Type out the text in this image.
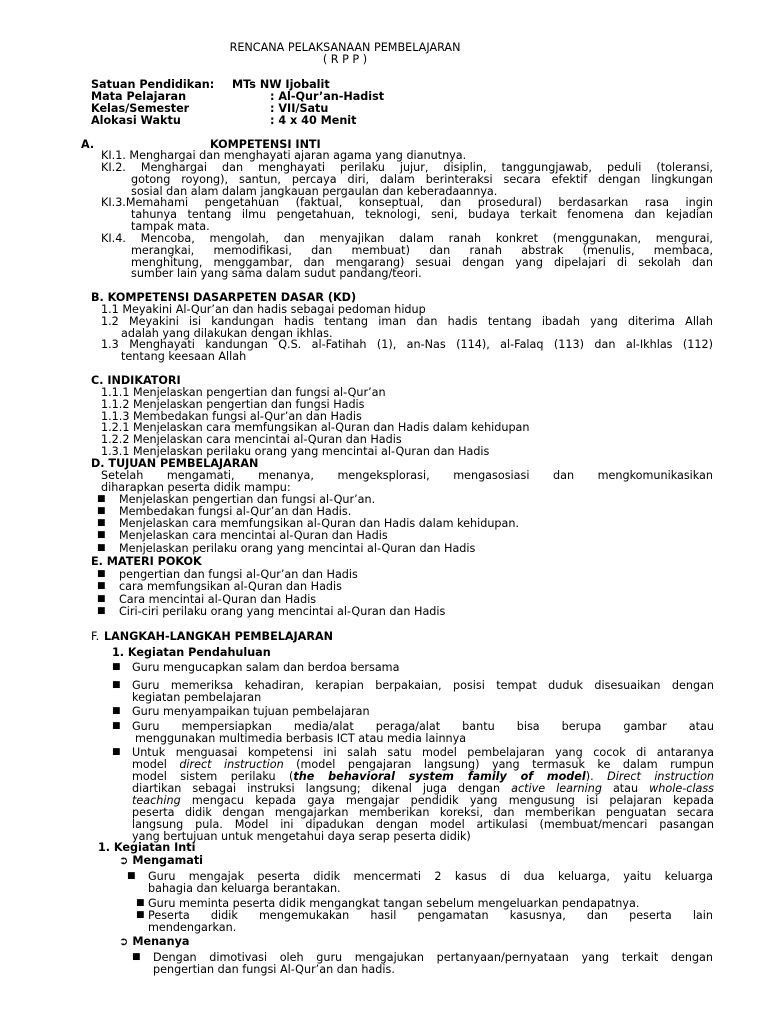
RENCANA PELAKSANAAN PEMBELAJARAN
( R P P )
Satuan Pendidikan: MTs NW Ijobalit
Mata Pelajaran	: Al-Qur’an-Hadist
Kelas/Semester	: VII/Satu
Alokasi Waktu	: 4 x 40 Menit
A.	KOMPETENSI INTI
KI.1. Menghargai dan menghayati ajaran agama yang dianutnya.
KI.2. Menghargai dan menghayati perilaku jujur, disiplin, tanggungjawab, peduli (toleransi,
gotong royong), santun, percaya diri, dalam berinteraksi secara efektif dengan lingkungan
sosial dan alam dalam jangkauan pergaulan dan keberadaannya.
KI.3.Memahami pengetahuan (faktual, konseptual, dan prosedural) berdasarkan rasa ingin
tahunya tentang ilmu pengetahuan, teknologi, seni, budaya terkait fenomena dan kejadian
tampak mata.
KI.4. Mencoba, mengolah, dan menyajikan dalam ranah konkret (menggunakan, mengurai,
merangkai, memodifikasi, dan membuat) dan ranah abstrak (menulis, membaca,
menghitung, menggambar, dan mengarang) sesuai dengan yang dipelajari di sekolah dan
sumber lain yang sama dalam sudut pandang/teori.
B. KOMPETENSI DASARPETEN DASAR (KD)
1.1 Meyakini Al-Qur’an dan hadis sebagai pedoman hidup
1.2 Meyakini isi kandungan hadis tentang iman dan hadis tentang ibadah yang diterima Allah
adalah yang dilakukan dengan ikhlas.
1.3 Menghayati kandungan Q.S. al-Fatihah (1), an-Nas (114), al-Falaq (113) dan al-Ikhlas (112)
tentang keesaan Allah
C. INDIKATORI
1.1.1 Menjelaskan pengertian dan fungsi al-Qur’an
1.1.2 Menjelaskan pengertian dan fungsi Hadis
1.1.3 Membedakan fungsi al-Qur’an dan Hadis
1.2.1 Menjelaskan cara memfungsikan al-Quran dan Hadis dalam kehidupan
1.2.2 Menjelaskan cara mencintai al-Quran dan Hadis
1.3.1 Menjelaskan perilaku orang yang mencintai al-Quran dan Hadis
D. TUJUAN PEMBELAJARAN
Setelah mengamati, menanya, mengeksplorasi, mengasosiasi dan mengkomunikasikan
diharapkan peserta didik mampu:
■ Menjelaskan pengertian dan fungsi al-Qur’an.
■ Membedakan fungsi al-Qur’an dan Hadis.
■ Menjelaskan cara memfungsikan al-Quran dan Hadis dalam kehidupan.
■ Menjelaskan cara mencintai al-Quran dan Hadis
■ Menjelaskan perilaku orang yang mencintai al-Quran dan Hadis
E. MATERI POKOK
■ pengertian dan fungsi al-Qur’an dan Hadis
■ cara memfungsikan al-Quran dan Hadis
■ Cara mencintai al-Quran dan Hadis
■ Ciri-ciri perilaku orang yang mencintai al-Quran dan Hadis
F. LANGKAH-LANGKAH PEMBELAJARAN
1. Kegiatan Pendahuluan
■ Guru mengucapkan salam dan berdoa bersama
■ Guru memeriksa kehadiran, kerapian berpakaian, posisi tempat duduk disesuaikan dengan
kegiatan pembelajaran
■ Guru menyampaikan tujuan pembelajaran
■ Guru mempersiapkan media/alat peraga/alat bantu bisa berupa gambar atau
menggunakan multimedia berbasis ICT atau media lainnya
■ Untuk menguasai kompetensi ini salah satu model pembelajaran yang cocok di antaranya
model direct instruction (model pengajaran langsung) yang termasuk ke dalam rumpun
model sistem perilaku (the behavioral system family of model). Direct instruction
diartikan sebagai instruksi langsung; dikenal juga dengan active learning atau whole-class
teaching mengacu kepada gaya mengajar pendidik yang mengusung isi pelajaran kepada
peserta didik dengan mengajarkan memberikan koreksi, dan memberikan penguatan secara
langsung pula. Model ini dipadukan dengan model artikulasi (membuat/mencari pasangan
yang bertujuan untuk mengetahui daya serap peserta didik)
1. Kegiatan Inti
➲ Mengamati
■ Guru mengajak peserta didik mencermati 2 kasus di dua keluarga, yaitu keluarga
bahagia dan keluarga berantakan.
■ Guru meminta peserta didik mengangkat tangan sebelum mengeluarkan pendapatnya.
■ Peserta didik mengemukakan hasil pengamatan kasusnya, dan peserta lain
mendengarkan.
➲ Menanya
■ Dengan dimotivasi oleh guru mengajukan pertanyaan/pernyataan yang terkait dengan
pengertian dan fungsi Al-Qur’an dan hadis.
